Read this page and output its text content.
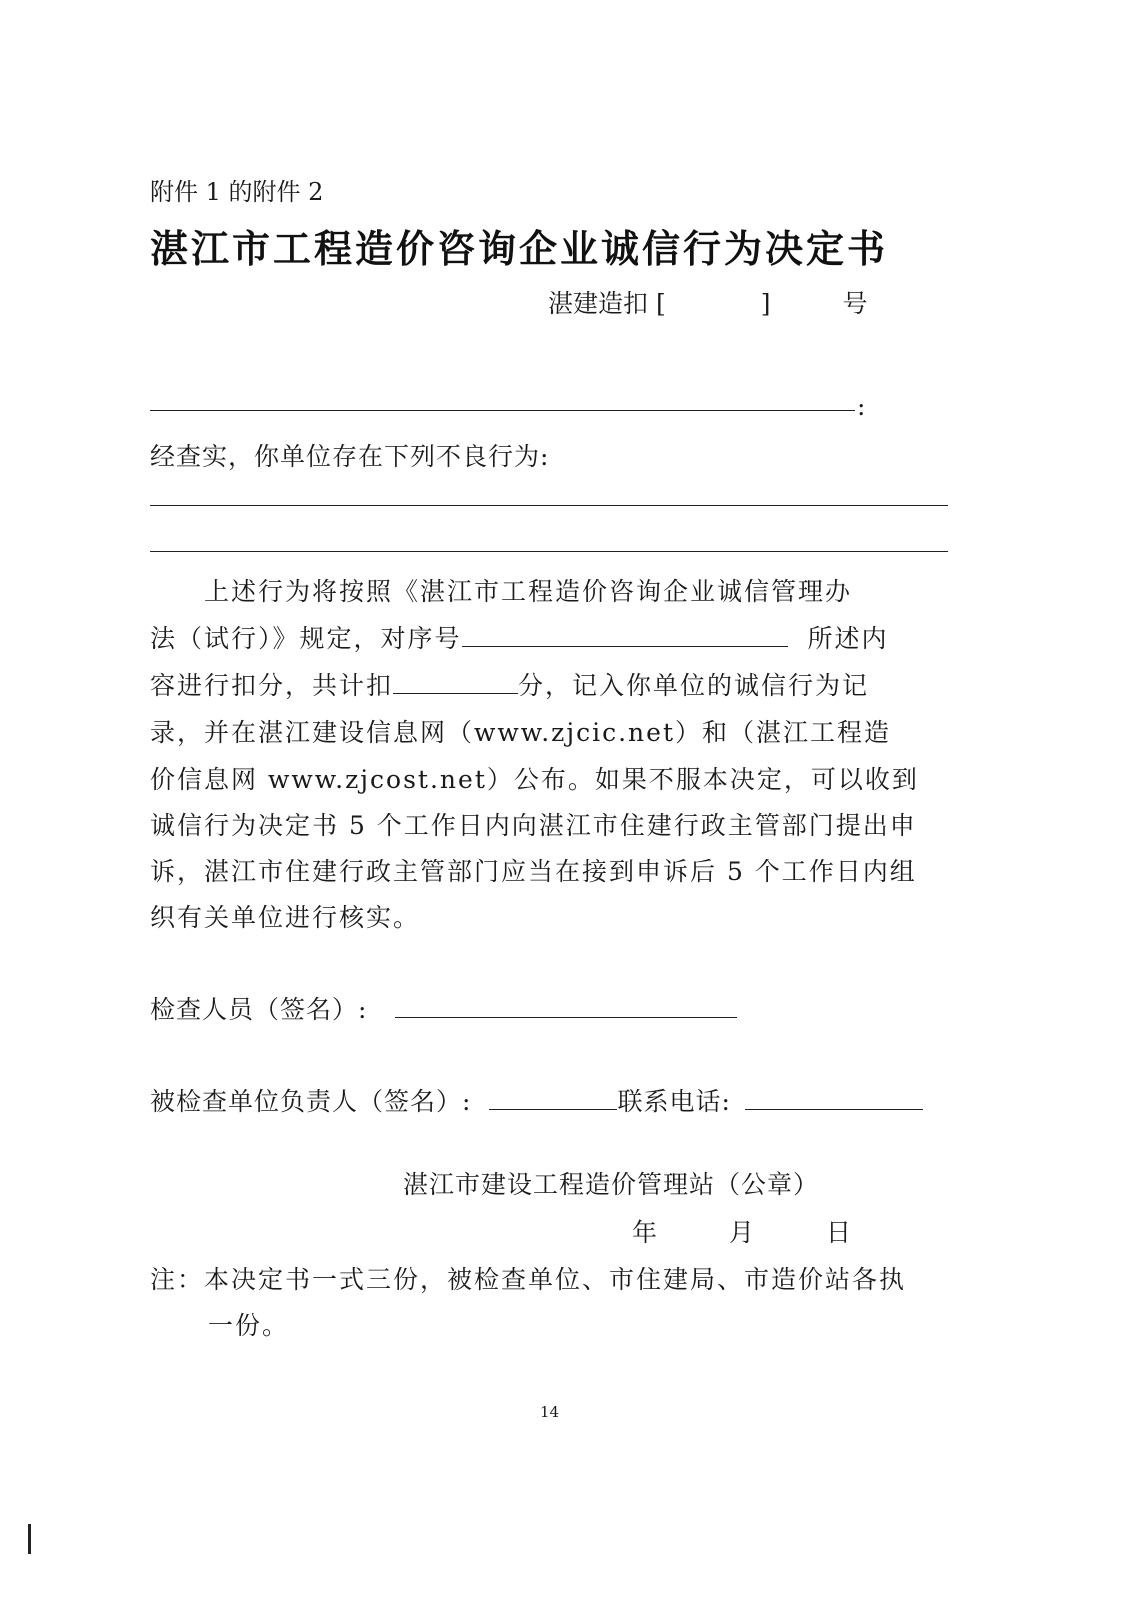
附件 1 的附件 2
湛江市工程造价咨询企业诚信行为决定书
湛建造扣 [	]	号
:
经查实，你单位存在下列不良行为:
　　上述行为将按照《湛江市工程造价咨询企业诚信管理办
法（试行）》规定，对序号	所述内
容进行扣分，共计扣	分，记入你单位的诚信行为记
录，并在湛江建设信息网（www.zjcic.net）和（湛江工程造
价信息网 www.zjcost.net）公布。如果不服本决定，可以收到
诚信行为决定书 5 个工作日内向湛江市住建行政主管部门提出申
诉，湛江市住建行政主管部门应当在接到申诉后 5 个工作日内组
织有关单位进行核实。
检查人员（签名）:
被检查单位负责人（签名）:	联系电话:
湛江市建设工程造价管理站（公章）
年	月	日
注：本决定书一式三份，被检查单位、市住建局、市造价站各执
一份。
14
